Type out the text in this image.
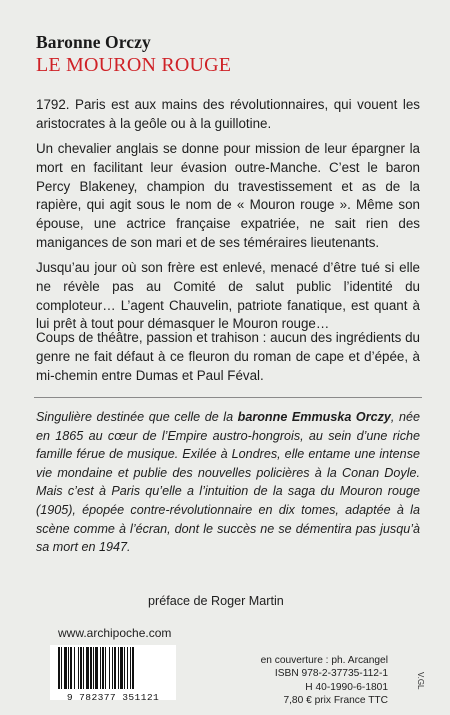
Baronne Orczy
LE MOURON ROUGE

1792. Paris est aux mains des révolutionnaires, qui vouent les aristocrates à la geôle ou à la guillotine.

Un chevalier anglais se donne pour mission de leur épargner la mort en facilitant leur évasion outre-Manche. C’est le baron Percy Blakeney, champion du travestissement et as de la rapière, qui agit sous le nom de « Mouron rouge ». Même son épouse, une actrice française expatriée, ne sait rien des manigances de son mari et de ses téméraires lieutenants.

Jusqu’au jour où son frère est enlevé, menacé d’être tué si elle ne révèle pas au Comité de salut public l’identité du comploteur… L’agent Chauvelin, patriote fanatique, est quant à lui prêt à tout pour démasquer le Mouron rouge…

Coups de théâtre, passion et trahison : aucun des ingrédients du genre ne fait défaut à ce fleuron du roman de cape et d’épée, à mi-chemin entre Dumas et Paul Féval.

Singulière destinée que celle de la baronne Emmuska Orczy, née en 1865 au cœur de l’Empire austro-hongrois, au sein d’une riche famille férue de musique. Exilée à Londres, elle entame une intense vie mondaine et publie des nouvelles policières à la Conan Doyle. Mais c’est à Paris qu’elle a l’intuition de la saga du Mouron rouge (1905), épopée contre-révolutionnaire en dix tomes, adaptée à la scène comme à l’écran, dont le succès ne se démentira pas jusqu’à sa mort en 1947.

préface de Roger Martin
www.archipoche.com
9 782377 351121
en couverture : ph. Arcangel
ISBN 978-2-37735-112-1
H 40-1990-6-1801
7,80 € prix France TTC
V.GL
